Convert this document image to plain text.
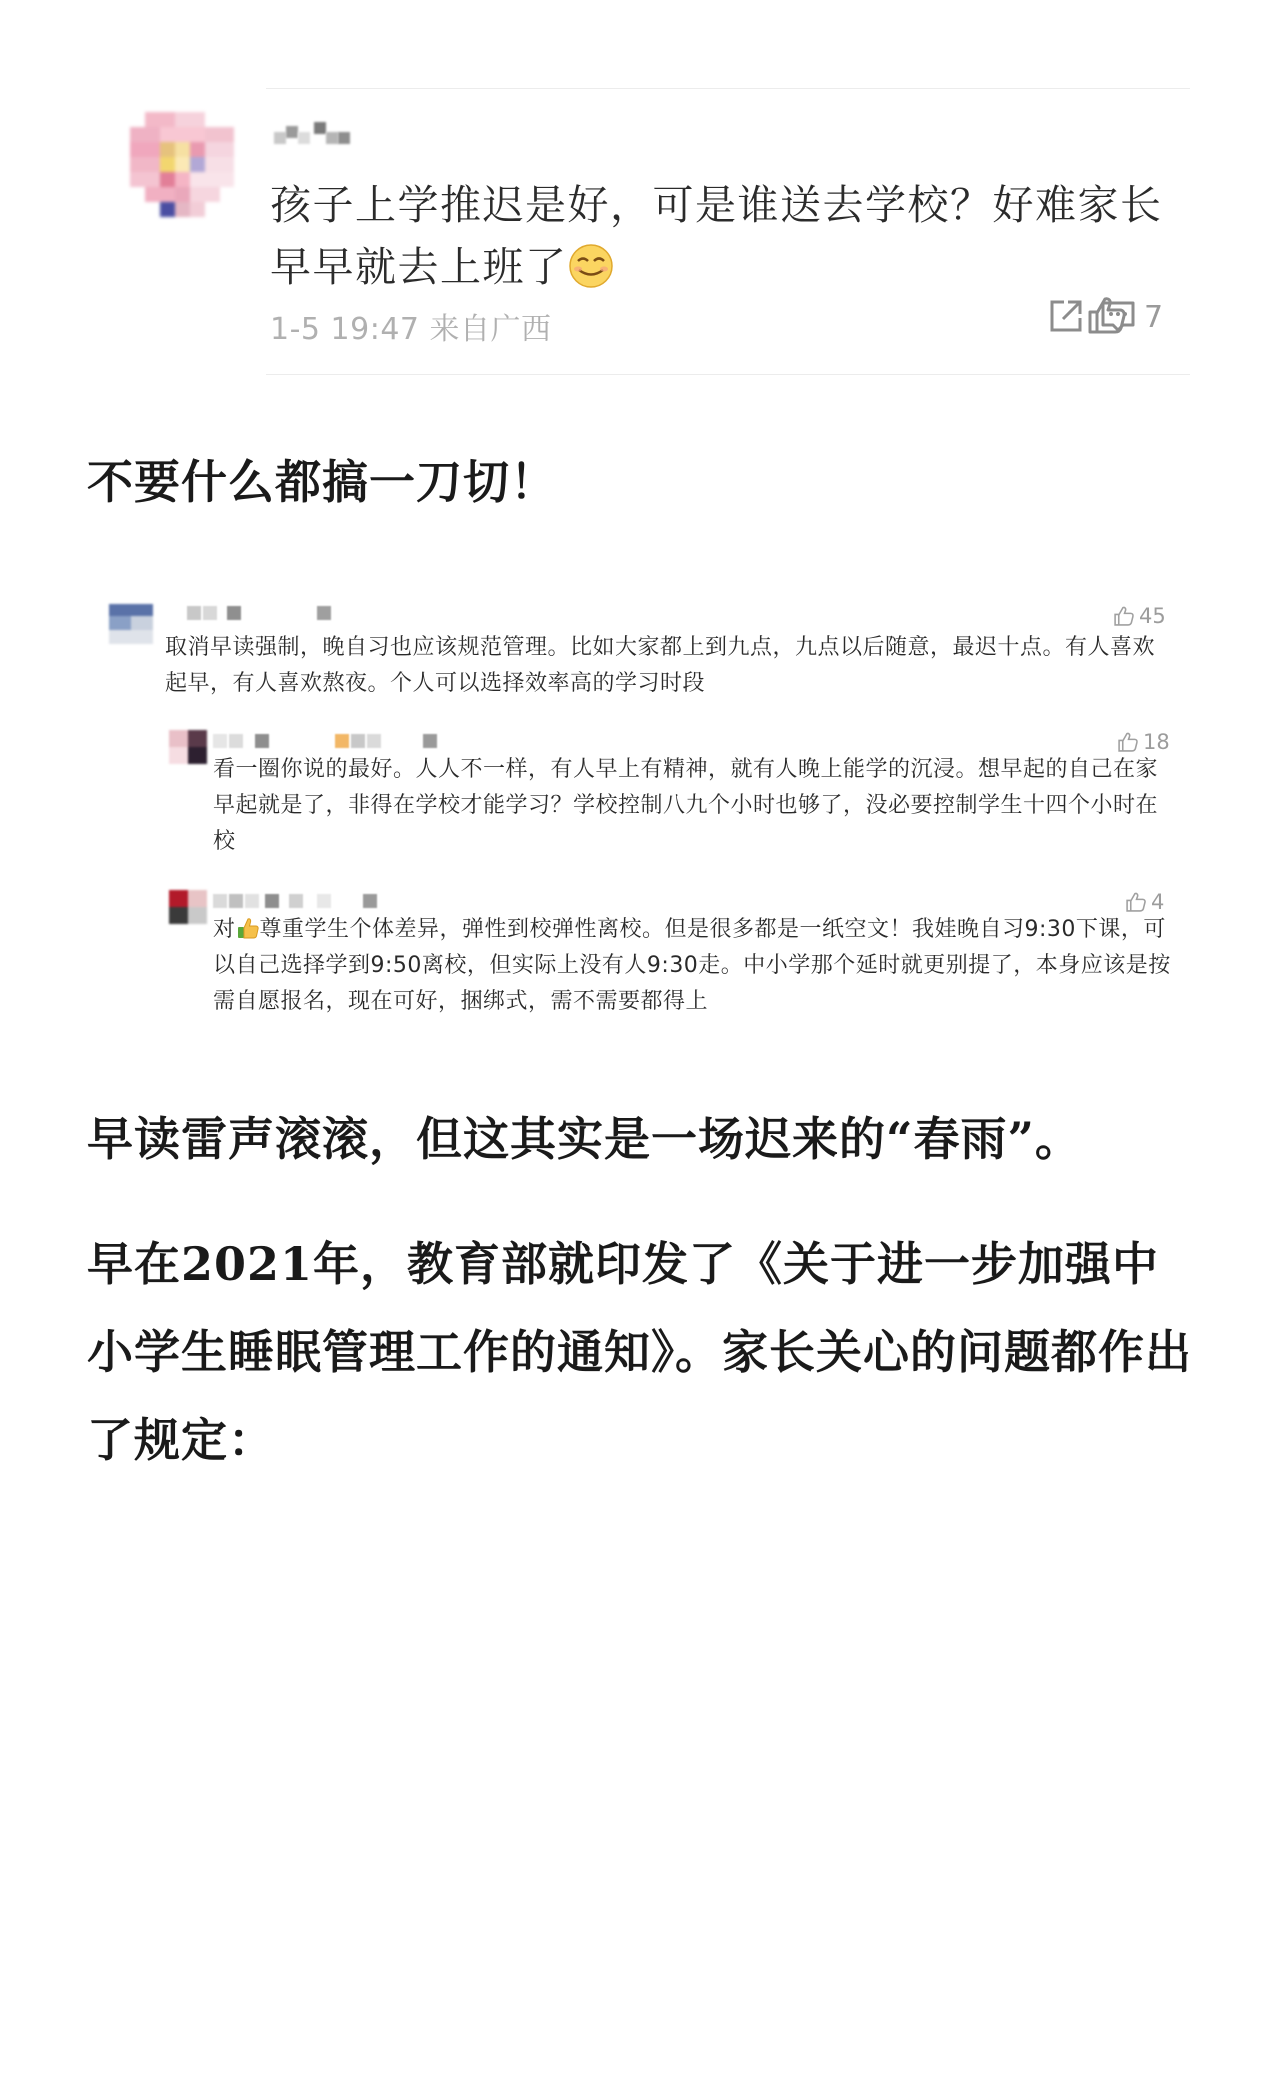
孩子上学推迟是好，可是谁送去学校？好难家长早早就去上班了
1-5 19:47 来自广西	7
不要什么都搞一刀切！
45
取消早读强制，晚自习也应该规范管理。比如大家都上到九点，九点以后随意，最迟十点。有人喜欢起早，有人喜欢熬夜。个人可以选择效率高的学习时段
18
看一圈你说的最好。人人不一样，有人早上有精神，就有人晚上能学的沉浸。想早起的自己在家早起就是了，非得在学校才能学习？学校控制八九个小时也够了，没必要控制学生十四个小时在校
4
对 尊重学生个体差异，弹性到校弹性离校。但是很多都是一纸空文！我娃晚自习9:30下课，可以自己选择学到9:50离校，但实际上没有人9:30走。中小学那个延时就更别提了，本身应该是按需自愿报名，现在可好，捆绑式，需不需要都得上
早读雷声滚滚，但这其实是一场迟来的“春雨”。
早在2021年，教育部就印发了《关于进一步加强中小学生睡眠管理工作的通知》。家长关心的问题都作出了规定：
